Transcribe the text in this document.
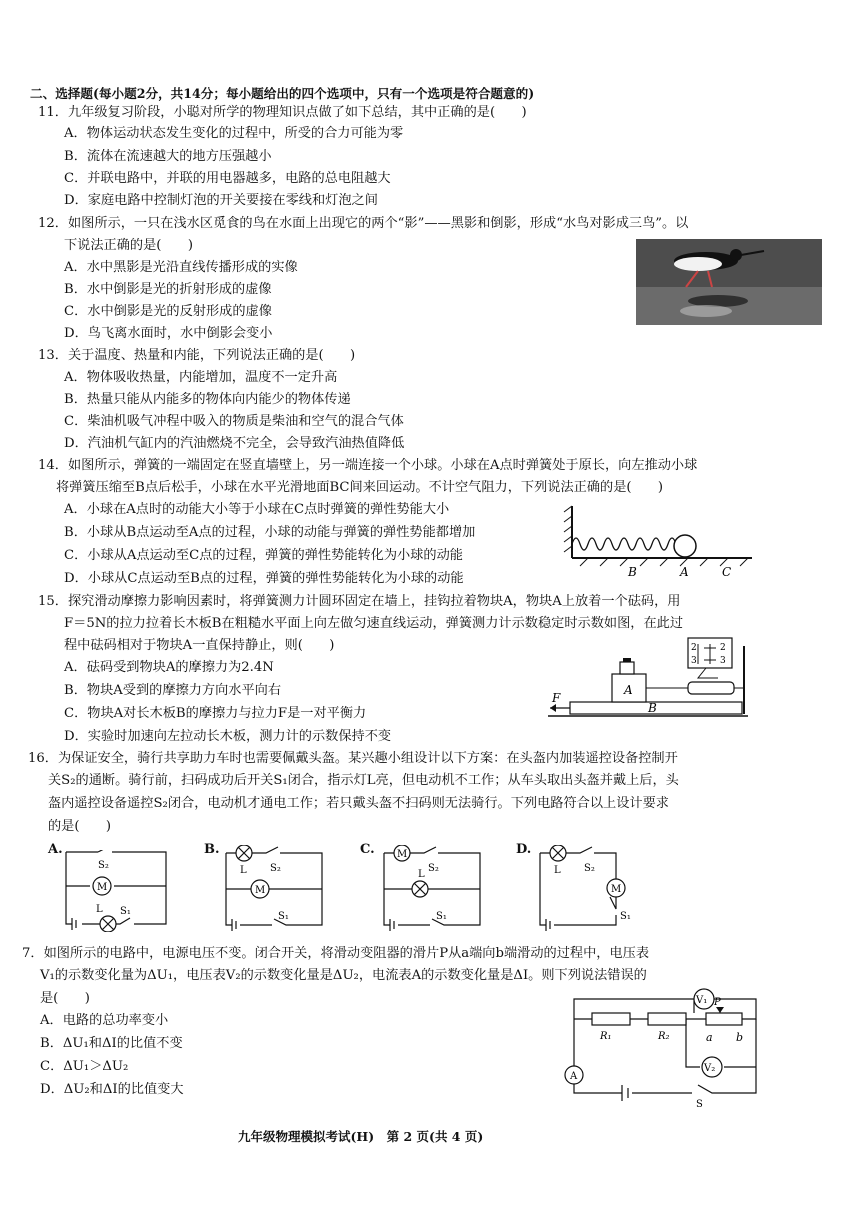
二、选择题(每小题2分，共14分；每小题给出的四个选项中，只有一个选项是符合题意的)
11．九年级复习阶段，小聪对所学的物理知识点做了如下总结，其中正确的是(　　)
A．物体运动状态发生变化的过程中，所受的合力可能为零
B．流体在流速越大的地方压强越小
C．并联电路中，并联的用电器越多，电路的总电阻越大
D．家庭电路中控制灯泡的开关要接在零线和灯泡之间
12．如图所示，一只在浅水区觅食的鸟在水面上出现它的两个“影”——黑影和倒影，形成“水鸟对影成三鸟”。以
下说法正确的是(　　)
A．水中黑影是光沿直线传播形成的实像
B．水中倒影是光的折射形成的虚像
C．水中倒影是光的反射形成的虚像
D．鸟飞离水面时，水中倒影会变小
13．关于温度、热量和内能，下列说法正确的是(　　)
A．物体吸收热量，内能增加，温度不一定升高
B．热量只能从内能多的物体向内能少的物体传递
C．柴油机吸气冲程中吸入的物质是柴油和空气的混合气体
D．汽油机气缸内的汽油燃烧不完全，会导致汽油热值降低
14．如图所示，弹簧的一端固定在竖直墙壁上，另一端连接一个小球。小球在A点时弹簧处于原长，向左推动小球
将弹簧压缩至B点后松手，小球在水平光滑地面BC间来回运动。不计空气阻力，下列说法正确的是(　　)
A．小球在A点时的动能大小等于小球在C点时弹簧的弹性势能大小
B．小球从B点运动至A点的过程，小球的动能与弹簧的弹性势能都增加
C．小球从A点运动至C点的过程，弹簧的弹性势能转化为小球的动能
D．小球从C点运动至B点的过程，弹簧的弹性势能转化为小球的动能	B	A	C
15．探究滑动摩擦力影响因素时，将弹簧测力计圆环固定在墙上，挂钩拉着物块A，物块A上放着一个砝码，用
F＝5N的拉力拉着长木板B在粗糙水平面上向左做匀速直线运动，弹簧测力计示数稳定时示数如图，在此过
程中砝码相对于物块A一直保持静止，则(　　)
A．砝码受到物块A的摩擦力为2.4N
B．物块A受到的摩擦力方向水平向右
C．物块A对长木板B的摩擦力与拉力F是一对平衡力
D．实验时加速向左拉动长木板，测力计的示数保持不变
2
3
2
3
F
A
B
16．为保证安全，骑行共享助力车时也需要佩戴头盔。某兴趣小组设计以下方案：在头盔内加装遥控设备控制开
关S₂的通断。骑行前，扫码成功后开关S₁闭合，指示灯L亮，但电动机不工作；从车头取出头盔并戴上后，头
盔内遥控设备遥控S₂闭合，电动机才通电工作；若只戴头盔不扫码则无法骑行。下列电路符合以上设计要求
的是(　　)
A.	B.	C.	D.
M
S₂
L S₁
M
L S₂
S₁
M
L
S₂
S₁
M
L S₂
S₁
7．如图所示的电路中，电源电压不变。闭合开关，将滑动变阻器的滑片P从a端向b端滑动的过程中，电压表
V₁的示数变化量为ΔU₁，电压表V₂的示数变化量是ΔU₂，电流表A的示数变化量是ΔI。则下列说法错误的
是(　　)
A．电路的总功率变小
B．ΔU₁和ΔI的比值不变
C．ΔU₁＞ΔU₂
D．ΔU₂和ΔI的比值变大
V₁
V₂
A
R₁	R₂
P
a b
S
九年级物理模拟考试(H)　第 2 页(共 4 页)
